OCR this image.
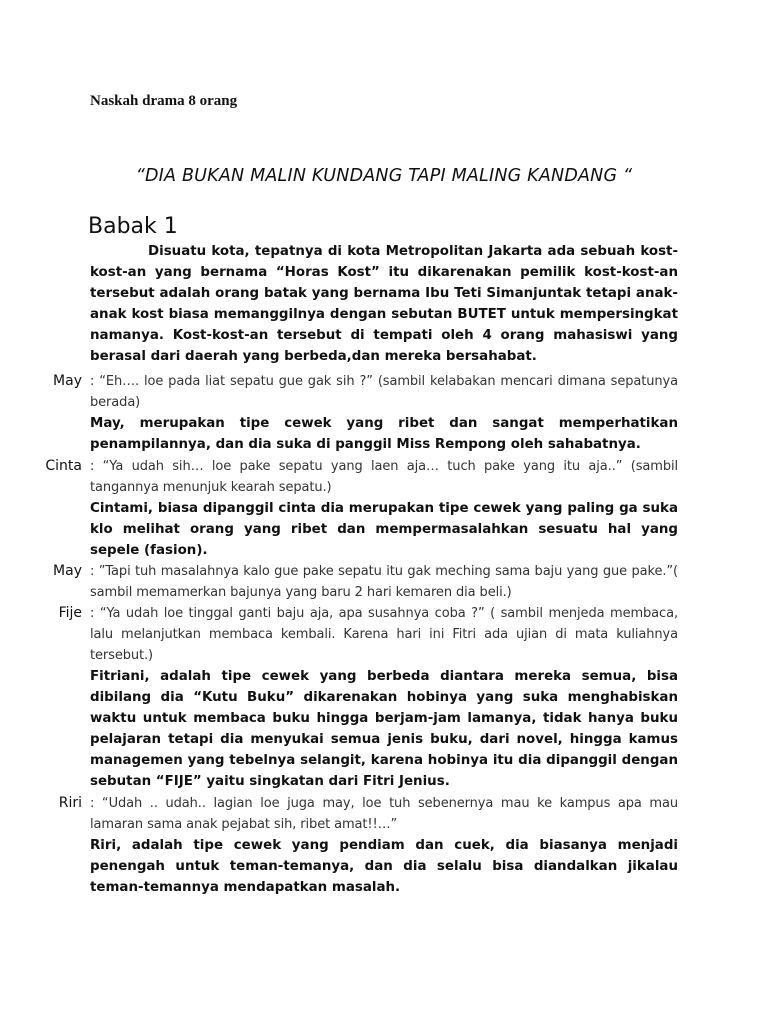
Naskah drama 8 orang
“DIA BUKAN MALIN KUNDANG TAPI MALING KANDANG “
Babak 1
Disuatu kota, tepatnya di kota Metropolitan Jakarta ada sebuah kost-kost-an yang bernama “Horas Kost” itu dikarenakan pemilik kost-kost-an tersebut adalah orang batak yang bernama Ibu Teti Simanjuntak tetapi anak-anak kost biasa memanggilnya dengan sebutan BUTET untuk mempersingkat namanya. Kost-kost-an tersebut di tempati oleh 4 orang mahasiswi yang berasal dari daerah yang berbeda,dan mereka bersahabat.
May : “Eh…. loe pada liat sepatu gue gak sih ?” (sambil kelabakan mencari dimana sepatunya berada)
May, merupakan tipe cewek yang ribet dan sangat memperhatikan penampilannya, dan dia suka di panggil Miss Rempong oleh sahabatnya.
Cinta : “Ya udah sih… loe pake sepatu yang laen aja… tuch pake yang itu aja..” (sambil tangannya menunjuk kearah sepatu.)
Cintami, biasa dipanggil cinta dia merupakan tipe cewek yang paling ga suka klo melihat orang yang ribet dan mempermasalahkan sesuatu hal yang sepele (fasion).
May : ”Tapi tuh masalahnya kalo gue pake sepatu itu gak meching sama baju yang gue pake.”( sambil memamerkan bajunya yang baru 2 hari kemaren dia beli.)
Fije : “Ya udah loe tinggal ganti baju aja, apa susahnya coba ?” ( sambil menjeda membaca, lalu melanjutkan membaca kembali. Karena hari ini Fitri ada ujian di mata kuliahnya tersebut.)
Fitriani, adalah tipe cewek yang berbeda diantara mereka semua, bisa dibilang dia “Kutu Buku” dikarenakan hobinya yang suka menghabiskan waktu untuk membaca buku hingga berjam-jam lamanya, tidak hanya buku pelajaran tetapi dia menyukai semua jenis buku, dari novel, hingga kamus managemen yang tebelnya selangit, karena hobinya itu dia dipanggil dengan sebutan “FIJE” yaitu singkatan dari Fitri Jenius.
Riri : “Udah .. udah.. lagian loe juga may, loe tuh sebenernya mau ke kampus apa mau lamaran sama anak pejabat sih, ribet amat!!…”
Riri, adalah tipe cewek yang pendiam dan cuek, dia biasanya menjadi penengah untuk teman-temanya, dan dia selalu bisa diandalkan jikalau teman-temannya mendapatkan masalah.
